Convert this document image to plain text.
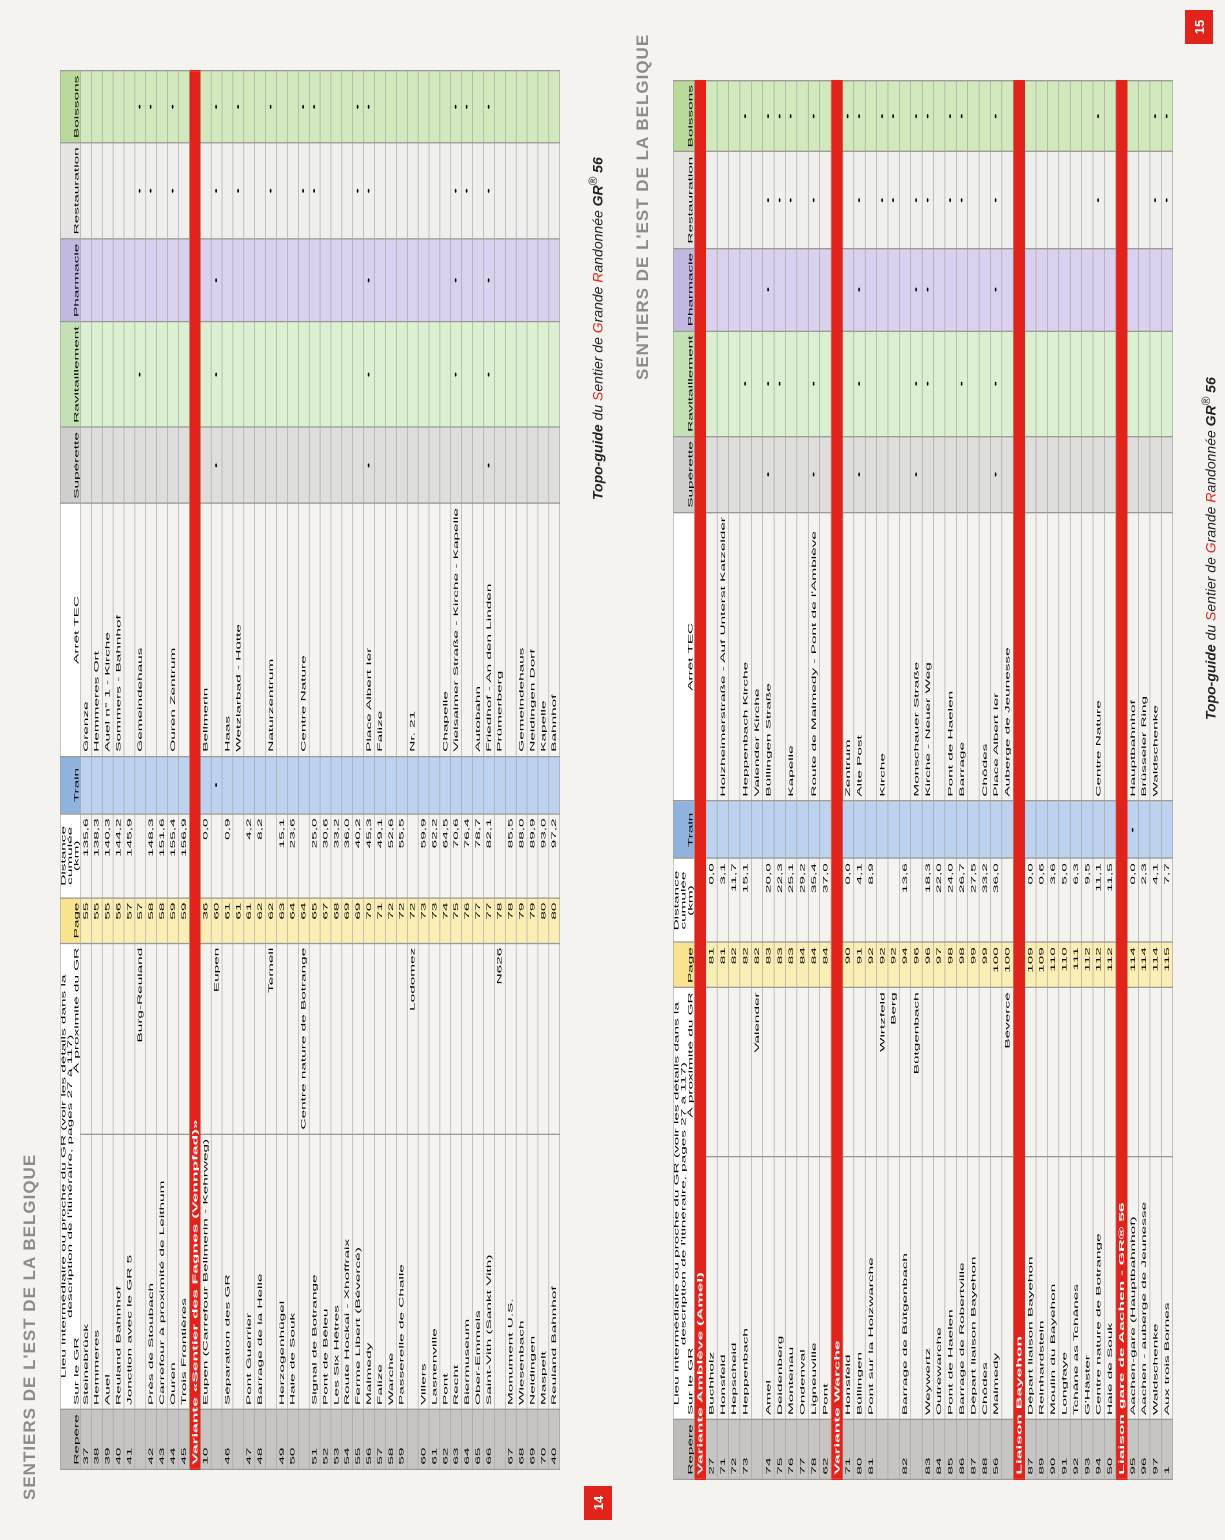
SENTIERS DE L'EST DE LA BELGIQUE
14
Topo-guide du Sentier de Grande Randonnée GR® 56
Repère	Lieu intermédiaire ou proche du GR (voir les détails dans la description de l'itinéraire, pages 27 à 117)
Sur le GR
À proximité du GR		Page	Distance cumulée (km)	Train	Arrêt TEC	Supérette	Ravitaillement	Pharmacie	Restauration	Boissons
37	Steinebrück		55	135,6		Grenze					
38	Hemmeres		55	138,3		Hemmeres Ort					
39	Auel		55	140,3		Auel n° 1 - Kirche					
40	Reuland Bahnhof		56	144,2		Sommers - Bahnhof					
41	Jonction avec le GR 5		57	145,9							
		Burg-Reuland	57			Gemeindehaus		•		•	•
42	Près de Stoubach		58	148,3						•	•
43	Carrefour à proximité de Leithum		58	151,6							
44	Ouren		59	155,4		Ouren Zentrum				•	•
45	Trois Frontières		59	156,9							
Variante «Sentier des Fagnes (Vennpfad)»											
10	Eupen (Carrefour Bellmerin - Kehrweg)		36	0,0		Bellmerin					
		Eupen	60		•		•	•	•	•	•
46	Séparation des GR		61	0,9		Haas					
			61			Wetzlarbad - Hütte				•	•
47	Pont Guerrier		61	4,2							
48	Barrage de la Helle		62	8,2							
		Ternell	62			Naturzentrum				•	•
49	Herzogenhügel		63	15,1							
50	Haie de Souk		64	23,6							
		Centre nature de Botrange	64			Centre Nature				•	•
51	Signal de Botrange		65	25,0						•	•
52	Pont de Bêleu		67	30,6							
53	Les Six Hêtres		68	33,2							
54	Route Hockai - Xhoffraix		69	36,0							
55	Ferme Libert (Bévercé)		69	40,2						•	•
56	Malmedy		70	45,3		Place Albert Ier	•	•	•	•	•
57	Falize		71	49,1		Falize					
58	Warche		72	52,6							
59	Passerelle de Challe		72	55,5							
		Lodomez	72			Nr. 21					
60	Villers		73	59,9							
61	Lasnenville		73	62,2							
62	Pont		74	64,5		Chapelle					
63	Recht		75	70,6		Vielsalmer Straße - Kirche - Kapelle		•	•	•	•
64	Biermuseum		76	76,4						•	•
65	Ober-Emmels		77	78,7		Autobahn					
66	Saint-Vith (Sankt Vith)		77	82,1		Friedhof - An den Linden	•	•	•	•	•
		N626	78			Prümerberg					
67	Monument U.S.		78	85,5							
68	Wiesenbach		79	88,0		Gemeindehaus					
69	Neidingen		79	89,9		Neidingen Dorf					
70	Maspelt		80	93,0		Kapelle					
40	Reuland Bahnhof		80	97,2		Bahnhof					
SENTIERS DE L'EST DE LA BELGIQUE
15
Topo-guide du Sentier de Grande Randonnée GR® 56
Repère	Lieu intermédiaire ou proche du GR (voir les détails dans la description de l'itinéraire, pages 27 à 117)
Sur le GR
À proximité du GR		Page	Distance cumulée (km)	Train	Arrêt TEC	Supérette	Ravitaillement	Pharmacie	Restauration	Boissons
Variante Amblève (Amel)											
27	Buchholz		81	0,0							
71	Honsfeld		81	3,1		Holzheimerstraße - Auf Unterst Katzelder					
72	Hepscheid		82	11,7							
73	Heppenbach		82	15,1		Heppenbach Kirche		•			•
		Valender	82			Valender Kirche					
74	Amel		83	20,0		Büllingen Straße	•	•	•	•	•
75	Deidenberg		83	22,3				•		•	•
76	Montenau		83	25,1		Kapelle				•	•
77	Ondenval		84	29,2							
78	Ligneuville		84	35,4		Route de Malmedy - Pont de l'Amblève	•	•		•	•
62	Pont		84	37,0							
Variante Warche											
71	Honsfeld		90	0,0		Zentrum					•
80	Büllingen		91	4,1		Alte Post	•	•	•	•	•
81	Pont sur la Holzwarche		92	8,9							
		Wirtzfeld	92			Kirche				•	•
		Berg	92							•	•
82	Barrage de Bütgenbach		94	13,6							
		Bütgenbach	96			Monschauer Straße	•	•	•	•	•
83	Weywertz		96	18,3		Kirche - Neuer Weg		•	•	•	•
84	Outrewarche		97	22,0							
85	Pont de Haelen		98	24,0		Pont de Haelen				•	•
86	Barrage de Robertville		98	26,7		Barrage		•		•	•
87	Départ liaison Bayehon		99	27,5							
88	Chôdes		99	33,2		Chôdes					
56	Malmedy		100	36,0		Place Albert Ier	•	•	•	•	•
		Bévercé	100			Auberge de Jeunesse					
Liaison Bayehon											
87	Départ liaison Bayehon		109	0,0							
89	Reinhardstein		109	0,6							
90	Moulin du Bayehon		110	3,6							
91	Longfaye		110	5,0							
92	Tchâne as Tchânes		111	6,3							
93	G'Häster		112	9,5							
94	Centre nature de Botrange		112	11,1		Centre Nature				•	•
50	Haie de Souk		112	11,5							
Liaison gare de Aachen - GR® 56											
95	Aachen-gare (Hauptbahnhof)		114	0,0	•	Hauptbahnhof					
96	Aachen - auberge de Jeunesse		114	2,3		Brüsseler Ring					
97	Waldschenke		114	4,1		Waldschenke				•	•
1	Aux trois Bornes		115	7,7						•	•
